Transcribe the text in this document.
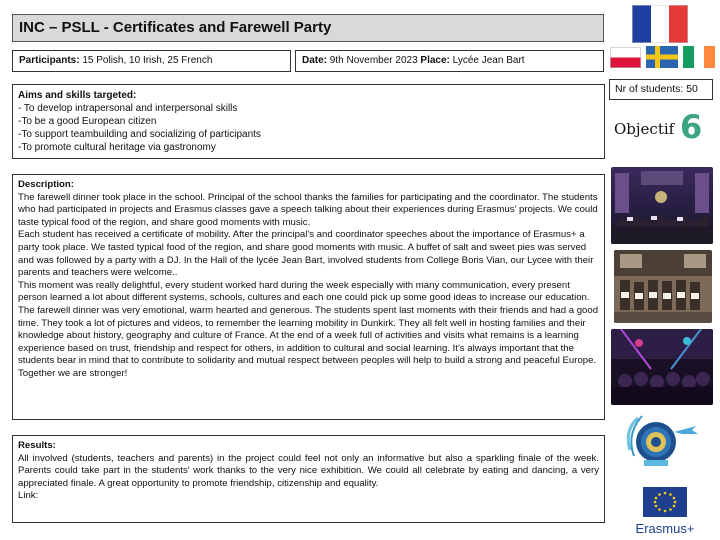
INC – PSLL - Certificates and Farewell Party
Participants: 15 Polish, 10 Irish, 25 French	Date: 9th November 2023 Place: Lycée Jean Bart
Aims and skills targeted:
- To develop intrapersonal and interpersonal skills
-To be a good European citizen
-To support teambuilding and socializing of participants
-To promote cultural heritage via gastronomy
Description:
The farewell dinner took place in the school. Principal of the school thanks the families for participating and the coordinator. The students who had participated in projects and Erasmus classes gave a speech talking about their experiences during Erasmus' projects. We could taste typical food of the region, and share good moments with music.
Each student has received a certificate of mobility. After the principal's and coordinator speeches about the importance of Erasmus+ a party took place. We tasted typical food of the region, and share good moments with music. A buffet of salt and sweet pies was served and was followed by a party with a DJ. In the Hall of the lycée Jean Bart, involved students from College Boris Vian, our Lycee with their parents and teachers were welcome..
This moment was really delightful, every student worked hard during the week especially with many communication, every present person learned a lot about different systems, schools, cultures and each one could pick up some good ideas to increase our education.
The farewell dinner was very emotional, warm hearted and generous. The students spent last moments with their friends and had a good time. They took a lot of pictures and videos, to remember the learning mobility in Dunkirk. They all felt well in hosting families and their knowledge about history, geography and culture of France. At the end of a week full of activities and visits what remains is a learning experience based on trust, friendship and respect for others, in addition to cultural and social learning. It's always important that the students bear in mind that to contribute to solidarity and mutual respect between peoples will help to build a strong and peaceful Europe. Together we are stronger!
Results:
All involved (students, teachers and parents) in the project could feel not only an informative but also a sparkling finale of the week. Parents could take part in the students' work thanks to the very nice exhibition. We could all celebrate by eating and dancing, a very appreciated finale. A great opportunity to promote friendship, citizenship and equality.
Link:
Nr of students: 50
Objectif 6
Erasmus+
